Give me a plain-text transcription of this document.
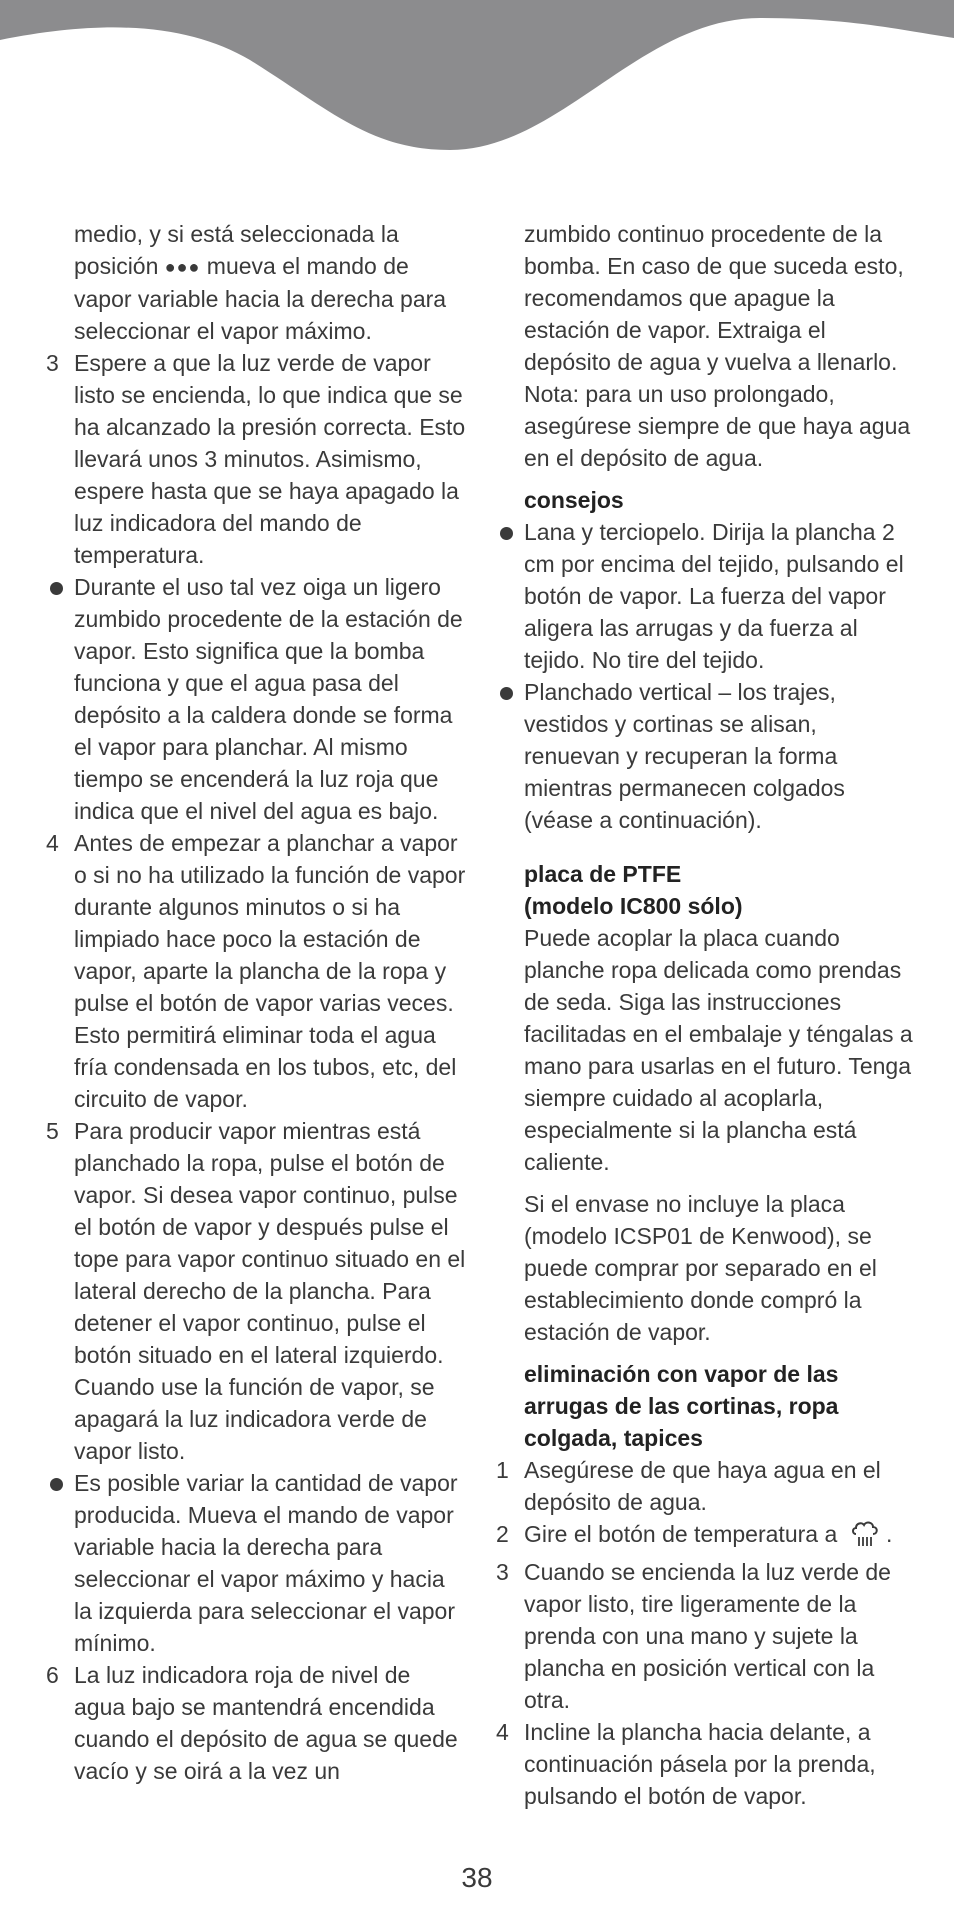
medio, y si está seleccionada la
posición ●●● mueva el mando de vapor variable hacia la derecha para seleccionar el vapor máximo.

3 Espere a que la luz verde de vapor listo se encienda, lo que indica que se ha alcanzado la presión correcta. Esto llevará unos 3 minutos. Asimismo, espere hasta que se haya apagado la luz indicadora del mando de temperatura.
Durante el uso tal vez oiga un ligero zumbido procedente de la estación de vapor. Esto significa que la bomba funciona y que el agua pasa del depósito a la caldera donde se forma el vapor para planchar. Al mismo tiempo se encenderá la luz roja que indica que el nivel del agua es bajo.
4 Antes de empezar a planchar a vapor o si no ha utilizado la función de vapor durante algunos minutos o si ha limpiado hace poco la estación de vapor, aparte la plancha de la ropa y pulse el botón de vapor varias veces. Esto permitirá eliminar toda el agua fría condensada en los tubos, etc, del circuito de vapor.
5 Para producir vapor mientras está planchado la ropa, pulse el botón de vapor. Si desea vapor continuo, pulse el botón de vapor y después pulse el tope para vapor continuo situado en el lateral derecho de la plancha. Para detener el vapor continuo, pulse el botón situado en el lateral izquierdo.
Cuando use la función de vapor, se apagará la luz indicadora verde de vapor listo.
Es posible variar la cantidad de vapor producida. Mueva el mando de vapor variable hacia la derecha para seleccionar el vapor máximo y hacia la izquierda para seleccionar el vapor mínimo.
6 La luz indicadora roja de nivel de agua bajo se mantendrá encendida cuando el depósito de agua se quede vacío y se oirá a la vez un

zumbido continuo procedente de la bomba. En caso de que suceda esto, recomendamos que apague la estación de vapor. Extraiga el depósito de agua y vuelva a llenarlo. Nota: para un uso prolongado, asegúrese siempre de que haya agua en el depósito de agua.

consejos

Lana y terciopelo. Dirija la plancha 2 cm por encima del tejido, pulsando el botón de vapor. La fuerza del vapor aligera las arrugas y da fuerza al tejido. No tire del tejido.
Planchado vertical – los trajes, vestidos y cortinas se alisan, renuevan y recuperan la forma mientras permanecen colgados (véase a continuación).

placa de PTFE
(modelo IC800 sólo)

Puede acoplar la placa cuando planche ropa delicada como prendas de seda. Siga las instrucciones facilitadas en el embalaje y téngalas a mano para usarlas en el futuro. Tenga siempre cuidado al acoplarla, especialmente si la plancha está caliente.

Si el envase no incluye la placa (modelo ICSP01 de Kenwood), se puede comprar por separado en el establecimiento donde compró la estación de vapor.

eliminación con vapor de las arrugas de las cortinas, ropa colgada, tapices

1 Asegúrese de que haya agua en el depósito de agua.
2 Gire el botón de temperatura a .
3 Cuando se encienda la luz verde de vapor listo, tire ligeramente de la prenda con una mano y sujete la plancha en posición vertical con la otra.
4 Incline la plancha hacia delante, a continuación pásela por la prenda, pulsando el botón de vapor.
38
